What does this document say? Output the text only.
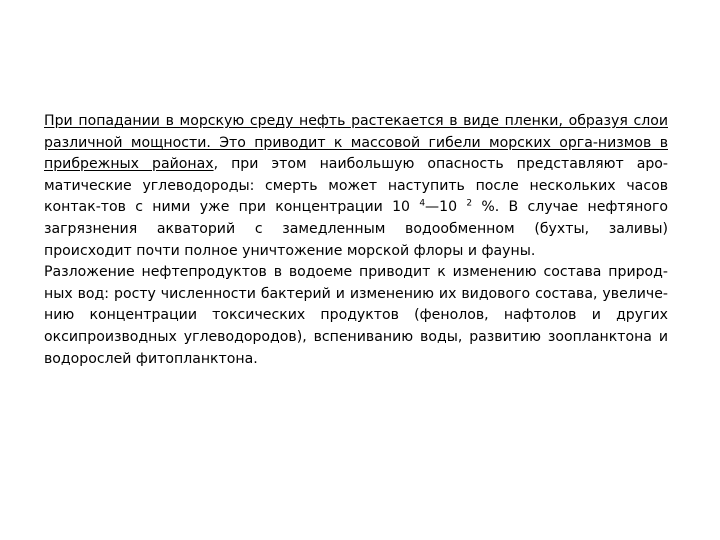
При попадании в морскую среду нефть растекается в виде пленки, образуя слои различной мощности. Это приводит к массовой гибели морских орга-низмов в прибрежных районах, при этом наибольшую опасность представляют аро-матические углеводороды: смерть может наступить после нескольких часов контак-тов с ними уже при концентрации 10 $^4$—10 $^2$ %. В случае нефтяного загрязнения акваторий с замедленным водообменном (бухты, заливы) происходит почти полное уничтожение морской флоры и фауны.

Разложение нефтепродуктов в водоеме приводит к изменению состава природ-ных вод: росту численности бактерий и изменению их видового состава, увеличе-нию концентрации токсических продуктов (фенолов, нафтолов и других оксипроизводных углеводородов), вспениванию воды, развитию зоопланктона и водорослей фитопланктона.
